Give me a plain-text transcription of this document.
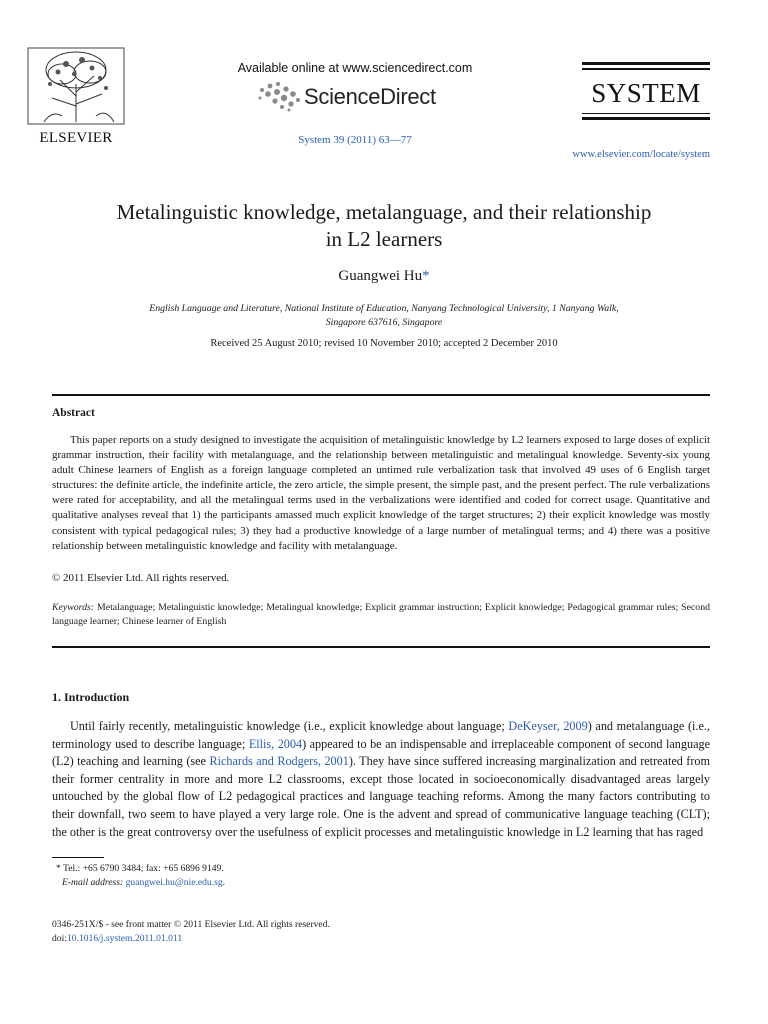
ELSEVIER
Available online at www.sciencedirect.com
ScienceDirect
System 39 (2011) 63—77
SYSTEM
www.elsevier.com/locate/system
Metalinguistic knowledge, metalanguage, and their relationship
in L2 learners
Guangwei Hu*
English Language and Literature, National Institute of Education, Nanyang Technological University, 1 Nanyang Walk,
Singapore 637616, Singapore
Received 25 August 2010; revised 10 November 2010; accepted 2 December 2010
Abstract
This paper reports on a study designed to investigate the acquisition of metalinguistic knowledge by L2 learners exposed to large doses of explicit grammar instruction, their facility with metalanguage, and the relationship between metalinguistic and metalingual knowledge. Seventy-six young adult Chinese learners of English as a foreign language completed an untimed rule verbalization task that involved 49 uses of 6 English target structures: the definite article, the indefinite article, the zero article, the simple present, the simple past, and the present perfect. The rule verbalizations were rated for acceptability, and all the metalingual terms used in the verbalizations were identified and coded for correct usage. Quantitative and qualitative analyses reveal that 1) the participants amassed much explicit knowledge of the target structures; 2) their explicit knowledge was mostly consistent with typical pedagogical rules; 3) they had a productive knowledge of a large number of metalingual terms; and 4) there was a positive relationship between metalinguistic knowledge and facility with metalanguage.
© 2011 Elsevier Ltd. All rights reserved.
Keywords: Metalanguage; Metalinguistic knowledge; Metalingual knowledge; Explicit grammar instruction; Explicit knowledge; Pedagogical grammar rules; Second language learner; Chinese learner of English
1. Introduction
Until fairly recently, metalinguistic knowledge (i.e., explicit knowledge about language; DeKeyser, 2009) and metalanguage (i.e., terminology used to describe language; Ellis, 2004) appeared to be an indispensable and irreplaceable component of second language (L2) teaching and learning (see Richards and Rodgers, 2001). They have since suffered increasing marginalization and retreated from their former centrality in more and more L2 classrooms, except those located in socioeconomically disadvantaged areas largely untouched by the global flow of L2 pedagogical practices and language teaching reforms. Among the many factors contributing to their downfall, two seem to have played a very large role. One is the advent and spread of communicative language teaching (CLT); the other is the great controversy over the usefulness of explicit processes and metalinguistic knowledge in L2 learning that has raged
* Tel.: +65 6790 3484; fax: +65 6896 9149.
E-mail address: guangwei.hu@nie.edu.sg.
0346-251X/$ - see front matter © 2011 Elsevier Ltd. All rights reserved.
doi:10.1016/j.system.2011.01.011
